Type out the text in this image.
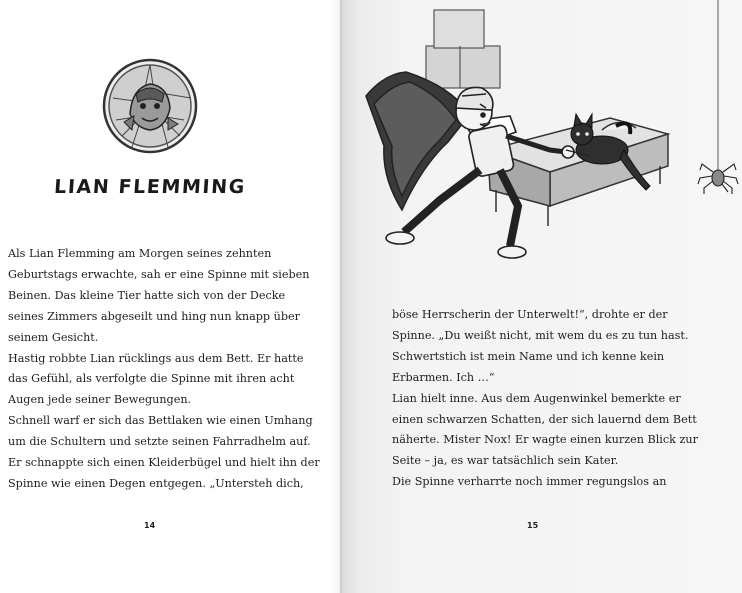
LIAN FLEMMING
Als Lian Flemming am Morgen seines zehnten
Geburtstags erwachte, sah er eine Spinne mit sieben
Beinen. Das kleine Tier hatte sich von der Decke
seines Zimmers abgeseilt und hing nun knapp über
seinem Gesicht.
Hastig robbte Lian rücklings aus dem Bett. Er hatte
das Gefühl, als verfolgte die Spinne mit ihren acht
Augen jede seiner Bewegungen.
Schnell warf er sich das Bettlaken wie einen Umhang
um die Schultern und setzte seinen Fahrradhelm auf.
Er schnappte sich einen Kleiderbügel und hielt ihn der
Spinne wie einen Degen entgegen. „Untersteh dich,
14
böse Herrscherin der Unterwelt!“, drohte er der
Spinne. „Du weißt nicht, mit wem du es zu tun hast.
Schwertstich ist mein Name und ich kenne kein
Erbarmen. Ich …“
Lian hielt inne. Aus dem Augenwinkel bemerkte er
einen schwarzen Schatten, der sich lauernd dem Bett
näherte. Mister Nox! Er wagte einen kurzen Blick zur
Seite – ja, es war tatsächlich sein Kater.
Die Spinne verharrte noch immer regungslos an
15
